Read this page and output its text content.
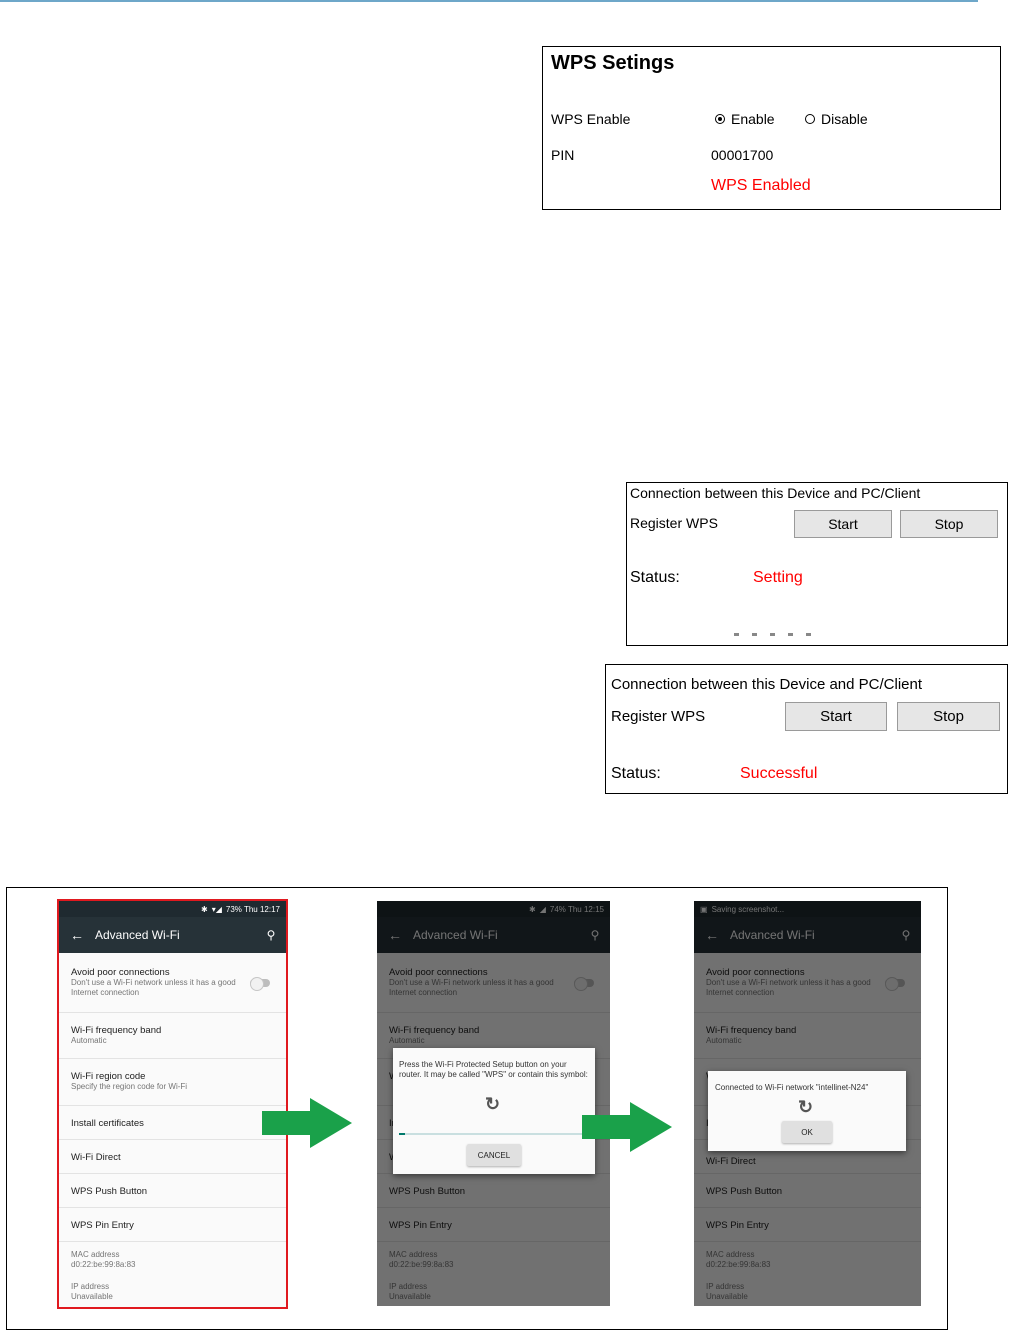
WPS Setings
WPS Enable	Enable	Disable
PIN	00001700
WPS Enabled
Connection between this Device and PC/Client
Register WPS	Start	Stop
Status:	Setting
Connection between this Device and PC/Client
Register WPS	Start	Stop
Status:	Successful
✱ ▾◢ 73% Thu 12:17
← Advanced Wi-Fi	⚲
Avoid poor connections
Don't use a Wi-Fi network unless it has a good Internet connection
Wi-Fi frequency band
Automatic
Wi-Fi region code
Specify the region code for Wi-Fi
Install certificates
Wi-Fi Direct
WPS Push Button
WPS Pin Entry
MAC address
d0:22:be:99:8a:83
IP address
Unavailable
Press the Wi-Fi Protected Setup button on your router. It may be called "WPS" or contain this symbol:
↻
CANCEL
Connected to Wi-Fi network "intellinet-N24"
↻
OK
